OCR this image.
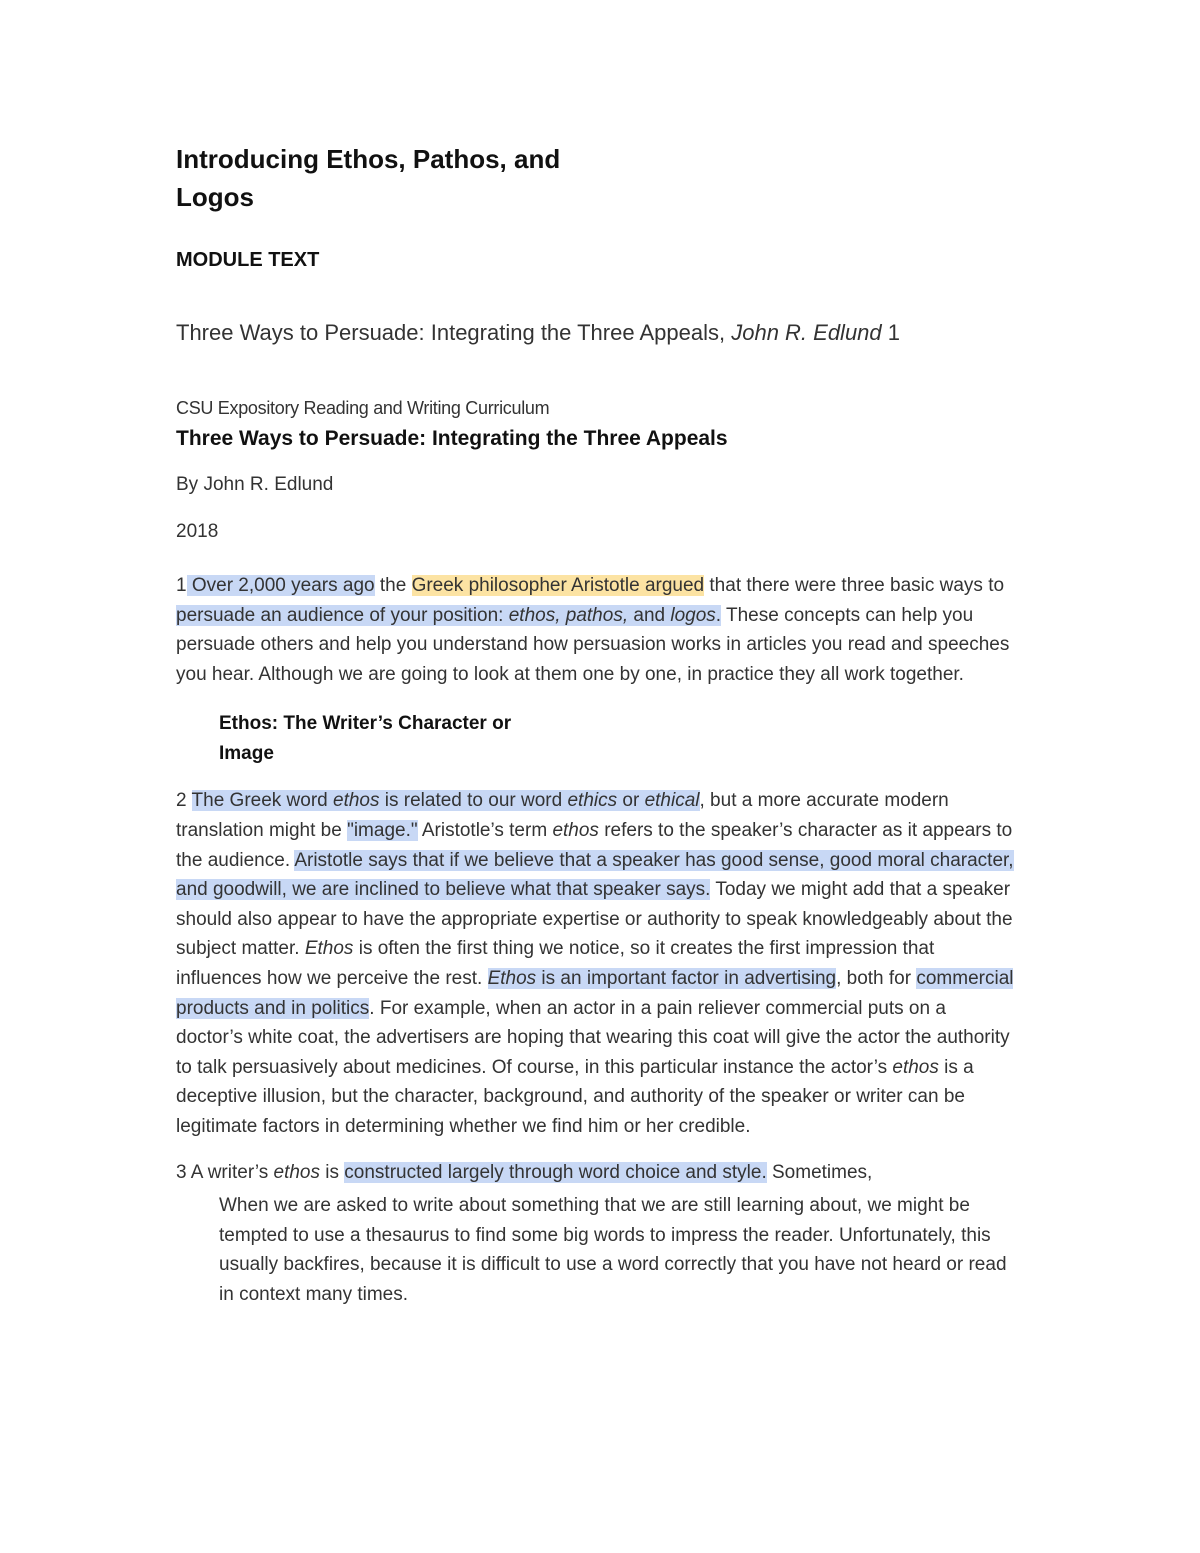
Introducing Ethos, Pathos, and
Logos
MODULE TEXT
Three Ways to Persuade: Integrating the Three Appeals, John R. Edlund 1
CSU Expository Reading and Writing Curriculum
Three Ways to Persuade: Integrating the Three Appeals
By John R. Edlund
2018

1 Over 2,000 years ago the Greek philosopher Aristotle argued that there were three basic ways to persuade an audience of your position: ethos, pathos, and logos. These concepts can help you persuade others and help you understand how persuasion works in articles you read and speeches you hear. Although we are going to look at them one by one, in practice they all work together.

Ethos: The Writer’s Character or
Image

2 The Greek word ethos is related to our word ethics or ethical, but a more accurate modern translation might be "image." Aristotle’s term ethos refers to the speaker’s character as it appears to the audience. Aristotle says that if we believe that a speaker has good sense, good moral character, and goodwill, we are inclined to believe what that speaker says. Today we might add that a speaker should also appear to have the appropriate expertise or authority to speak knowledgeably about the subject matter. Ethos is often the first thing we notice, so it creates the first impression that influences how we perceive the rest. Ethos is an important factor in advertising, both for commercial products and in politics. For example, when an actor in a pain reliever commercial puts on a doctor’s white coat, the advertisers are hoping that wearing this coat will give the actor the authority to talk persuasively about medicines. Of course, in this particular instance the actor’s ethos is a deceptive illusion, but the character, background, and authority of the speaker or writer can be legitimate factors in determining whether we find him or her credible.

3 A writer’s ethos is constructed largely through word choice and style. Sometimes,

When we are asked to write about something that we are still learning about, we might be tempted to use a thesaurus to find some big words to impress the reader. Unfortunately, this usually backfires, because it is difficult to use a word correctly that you have not heard or read in context many times.
